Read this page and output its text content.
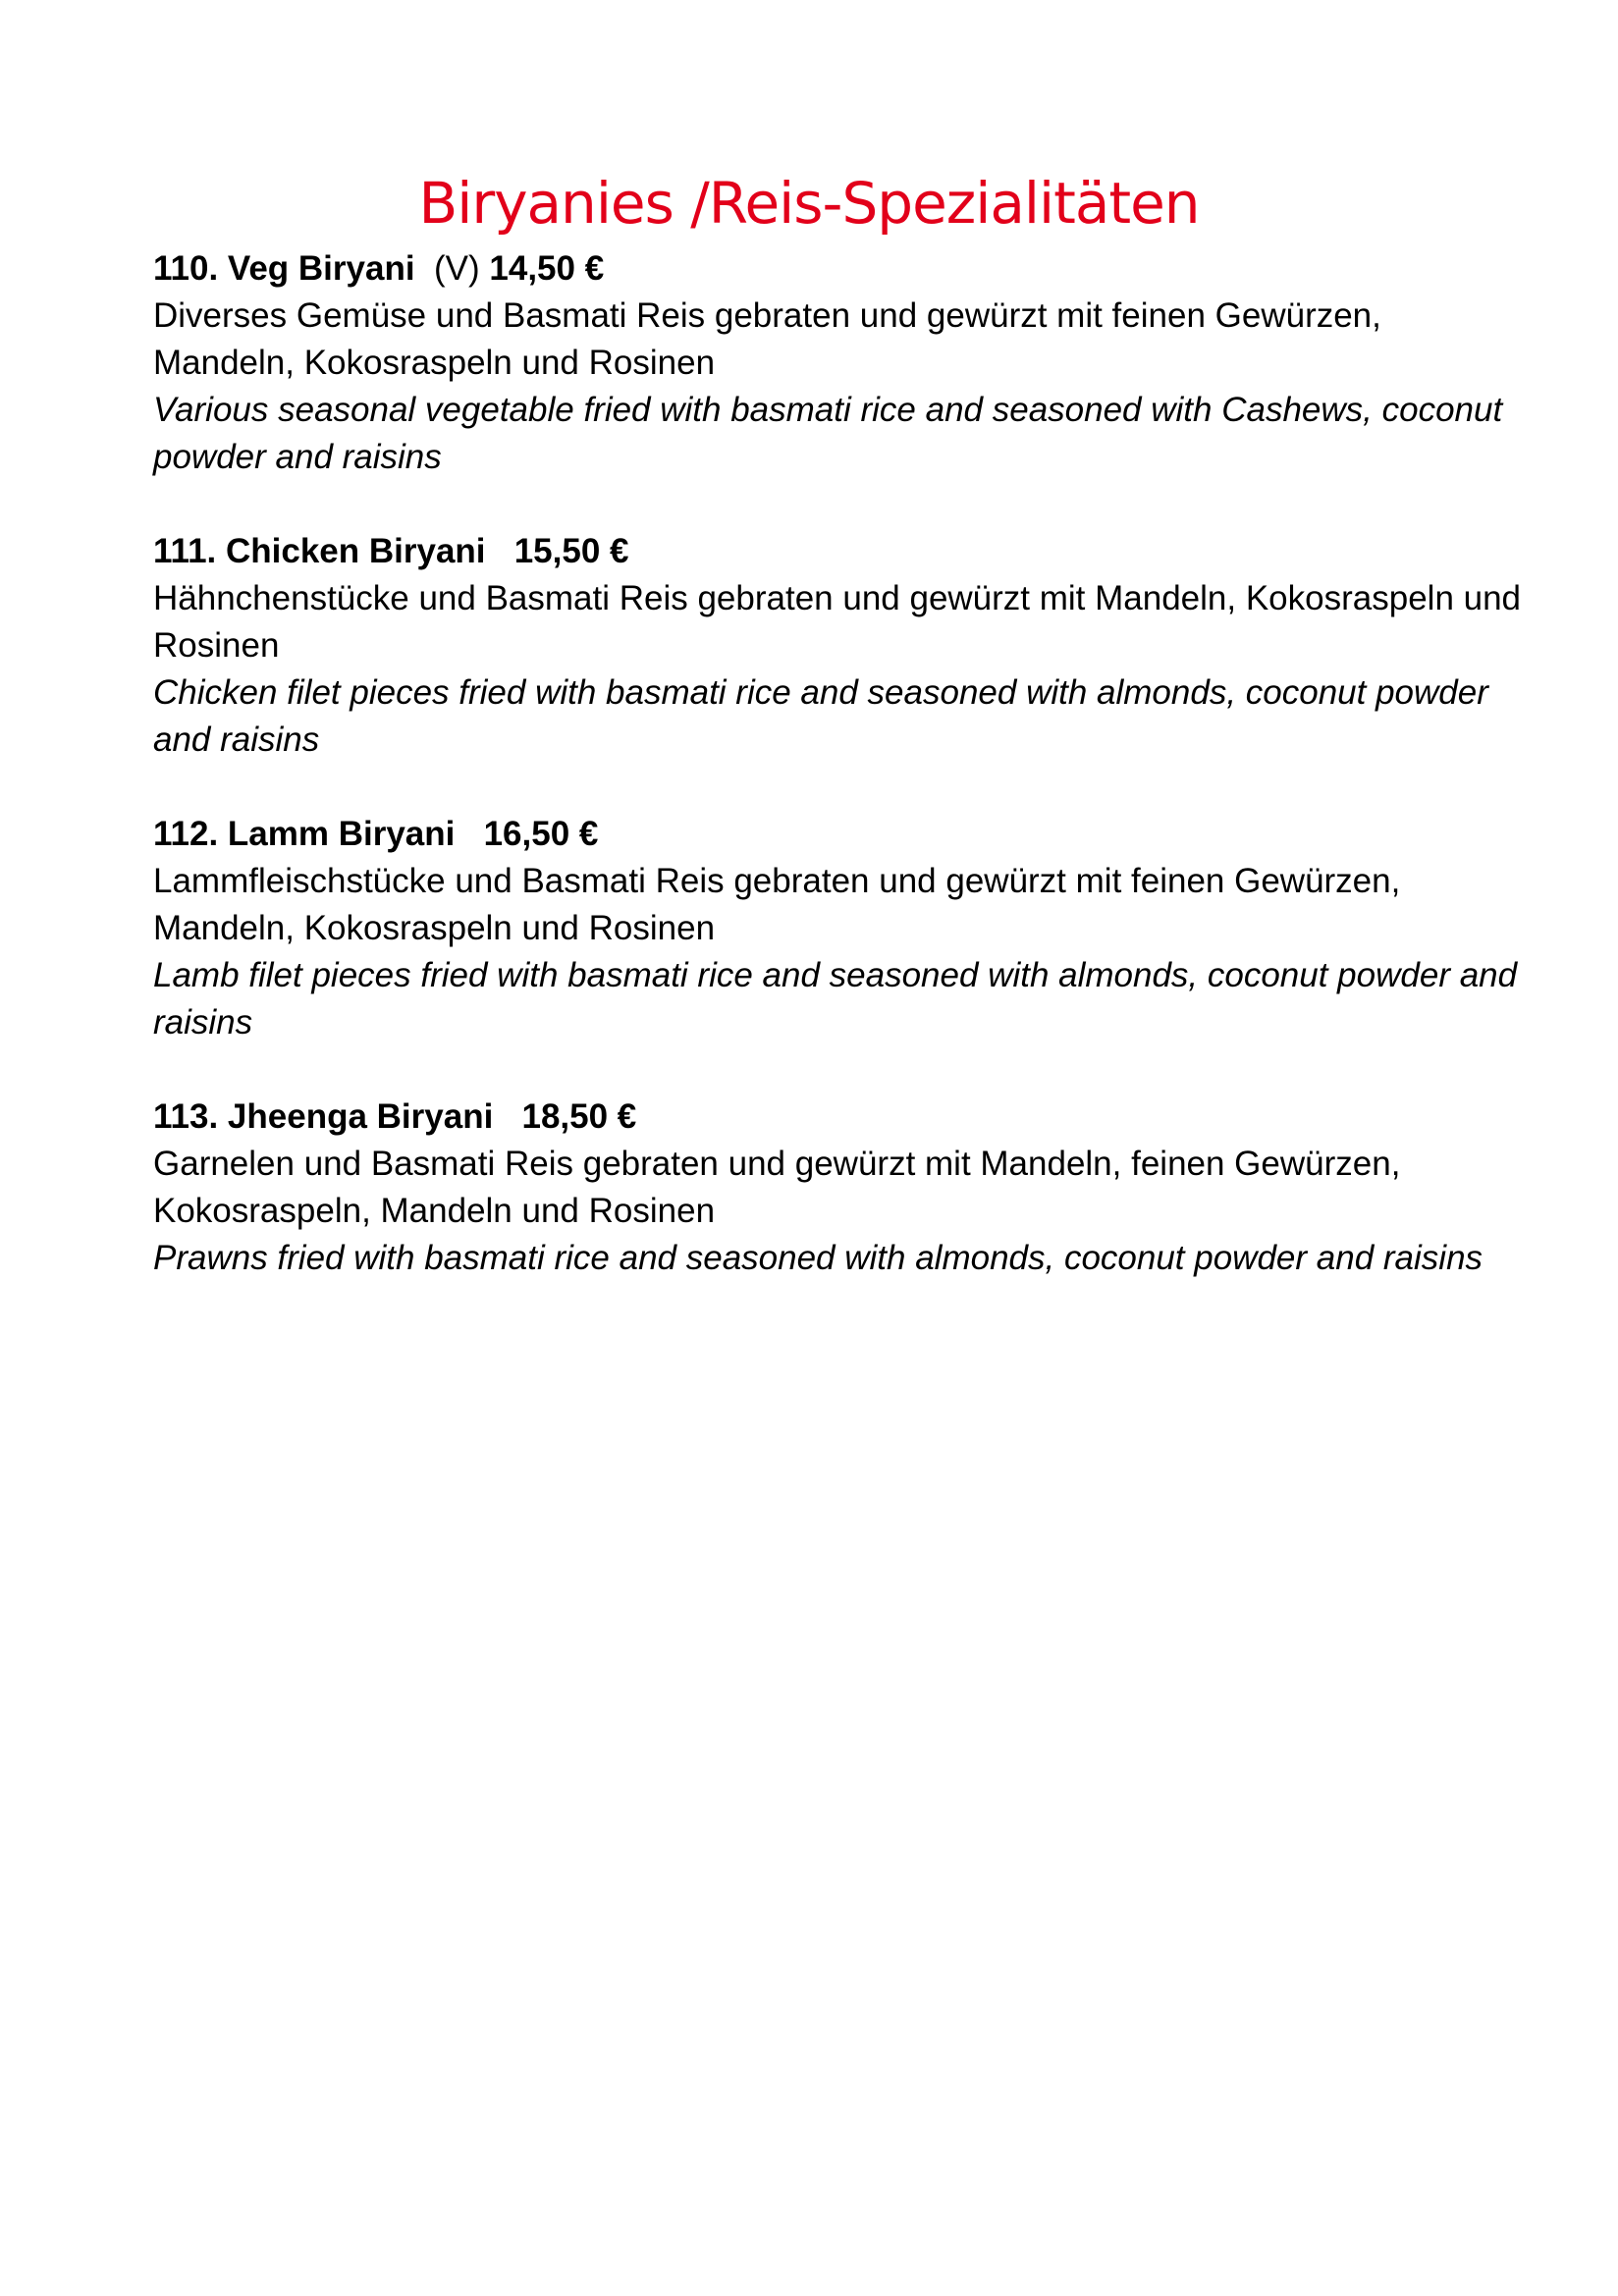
Biryanies /Reis-Spezialitäten
110. Veg Biryani (V) 14,50 €
Diverses Gemüse und Basmati Reis gebraten und gewürzt mit feinen Gewürzen, Mandeln, Kokosraspeln und Rosinen
Various seasonal vegetable fried with basmati rice and seasoned with Cashews, coconut powder and raisins
111. Chicken Biryani 15,50 €
Hähnchenstücke und Basmati Reis gebraten und gewürzt mit Mandeln, Kokosraspeln und Rosinen
Chicken filet pieces fried with basmati rice and seasoned with almonds, coconut powder and raisins
112. Lamm Biryani 16,50 €
Lammfleischstücke und Basmati Reis gebraten und gewürzt mit feinen Gewürzen, Mandeln, Kokosraspeln und Rosinen
Lamb filet pieces fried with basmati rice and seasoned with almonds, coconut powder and raisins
113. Jheenga Biryani 18,50 €
Garnelen und Basmati Reis gebraten und gewürzt mit Mandeln, feinen Gewürzen, Kokosraspeln, Mandeln und Rosinen
Prawns fried with basmati rice and seasoned with almonds, coconut powder and raisins
